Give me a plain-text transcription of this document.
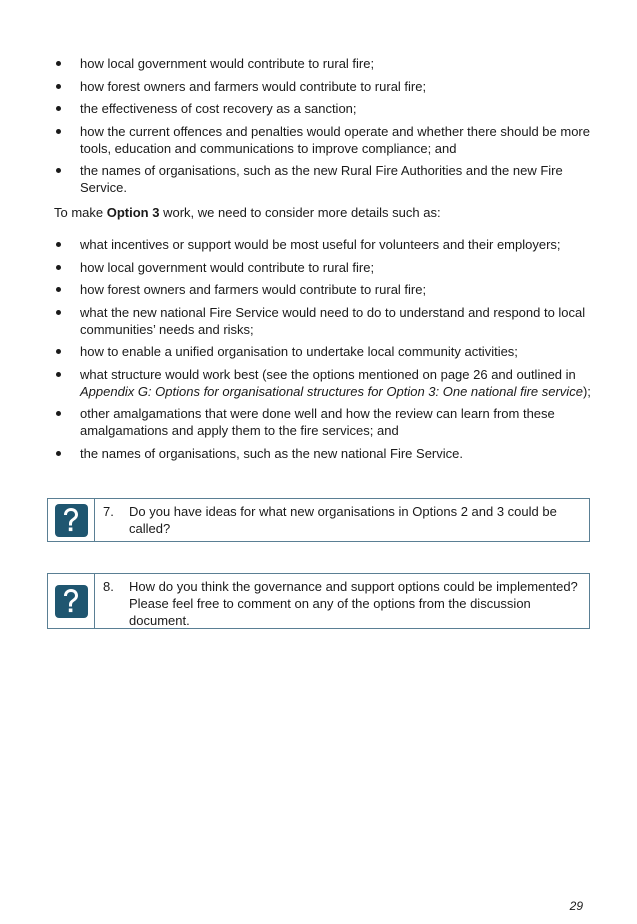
how local government would contribute to rural fire;
how forest owners and farmers would contribute to rural fire;
the effectiveness of cost recovery as a sanction;
how the current offences and penalties would operate and whether there should be more tools, education and communications to improve compliance; and
the names of organisations, such as the new Rural Fire Authorities and the new Fire Service.

To make Option 3 work, we need to consider more details such as:

what incentives or support would be most useful for volunteers and their employers;
how local government would contribute to rural fire;
how forest owners and farmers would contribute to rural fire;
what the new national Fire Service would need to do to understand and respond to local communities’ needs and risks;
how to enable a unified organisation to undertake local community activities;
what structure would work best (see the options mentioned on page 26 and outlined in Appendix G: Options for organisational structures for Option 3: One national fire service);
other amalgamations that were done well and how the review can learn from these amalgamations and apply them to the fire services; and
the names of organisations, such as the new national Fire Service.
7.	Do you have ideas for what new organisations in Options 2 and 3 could be called?
8.	How do you think the governance and support options could be implemented? Please feel free to comment on any of the options from the discussion document.
29
